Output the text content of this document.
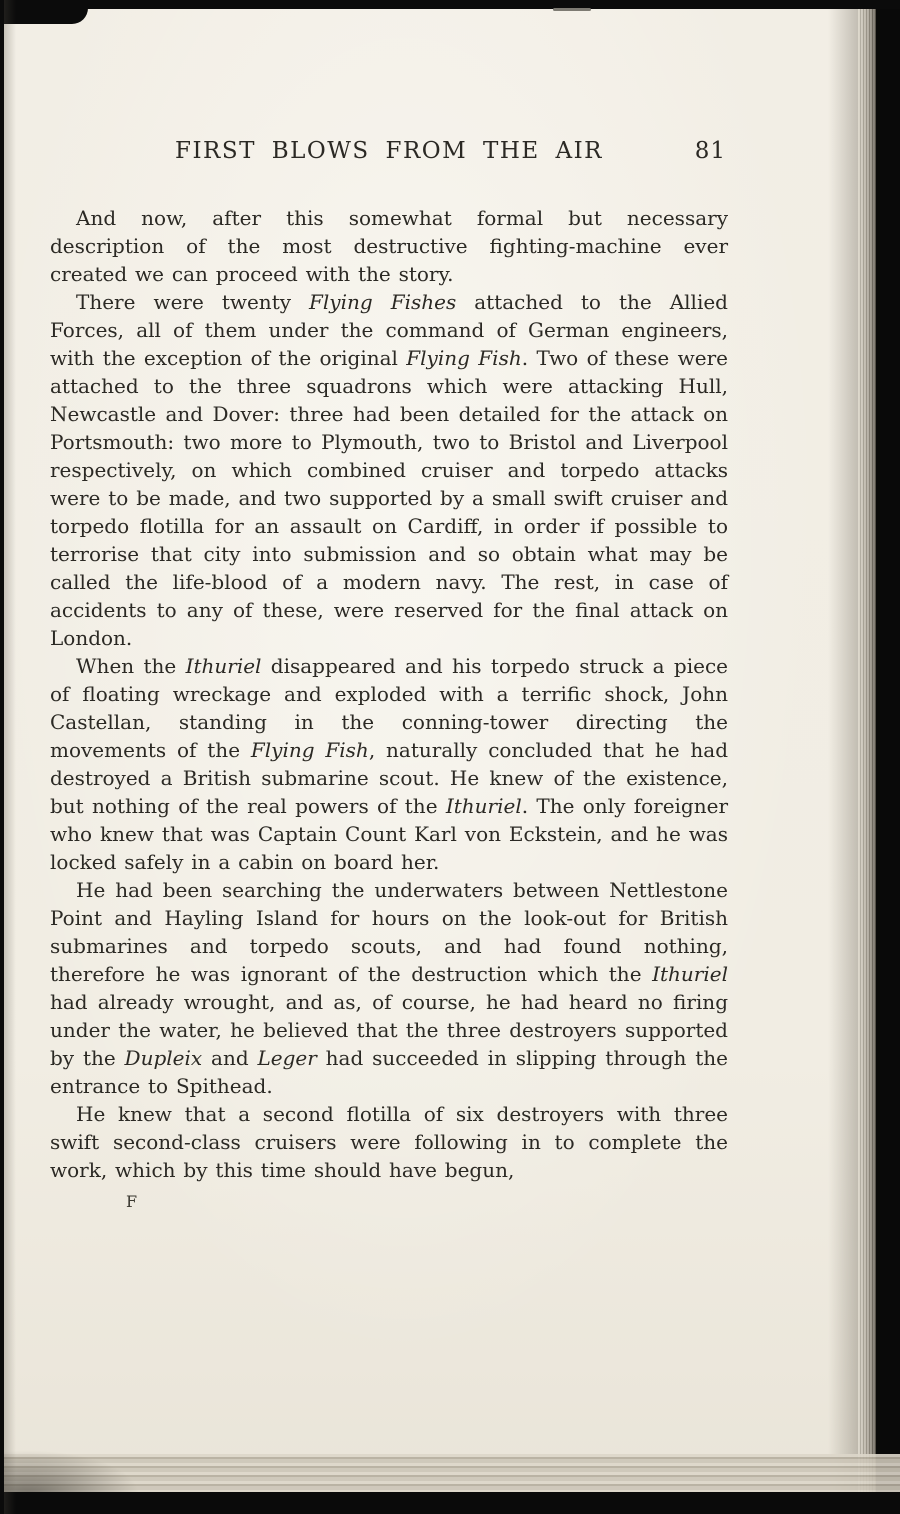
FIRST BLOWS FROM THE AIR	81

And now, after this somewhat formal but necessary description of the most destructive fighting-machine ever created we can proceed with the story.

There were twenty Flying Fishes attached to the Allied Forces, all of them under the command of German engineers, with the exception of the original Flying Fish. Two of these were attached to the three squadrons which were attacking Hull, Newcastle and Dover: three had been detailed for the attack on Portsmouth: two more to Plymouth, two to Bristol and Liverpool respectively, on which combined cruiser and torpedo attacks were to be made, and two supported by a small swift cruiser and torpedo flotilla for an assault on Cardiff, in order if possible to terrorise that city into submission and so obtain what may be called the life-blood of a modern navy. The rest, in case of accidents to any of these, were reserved for the final attack on London.

When the Ithuriel disappeared and his torpedo struck a piece of floating wreckage and exploded with a terrific shock, John Castellan, standing in the conning-tower directing the movements of the Flying Fish, naturally concluded that he had destroyed a British submarine scout. He knew of the existence, but nothing of the real powers of the Ithuriel. The only foreigner who knew that was Captain Count Karl von Eckstein, and he was locked safely in a cabin on board her.

He had been searching the underwaters between Nettlestone Point and Hayling Island for hours on the look-out for British submarines and torpedo scouts, and had found nothing, therefore he was ignorant of the destruction which the Ithuriel had already wrought, and as, of course, he had heard no firing under the water, he believed that the three destroyers supported by the Dupleix and Leger had succeeded in slipping through the entrance to Spithead.

He knew that a second flotilla of six destroyers with three swift second-class cruisers were following in to complete the work, which by this time should have begun,

F
